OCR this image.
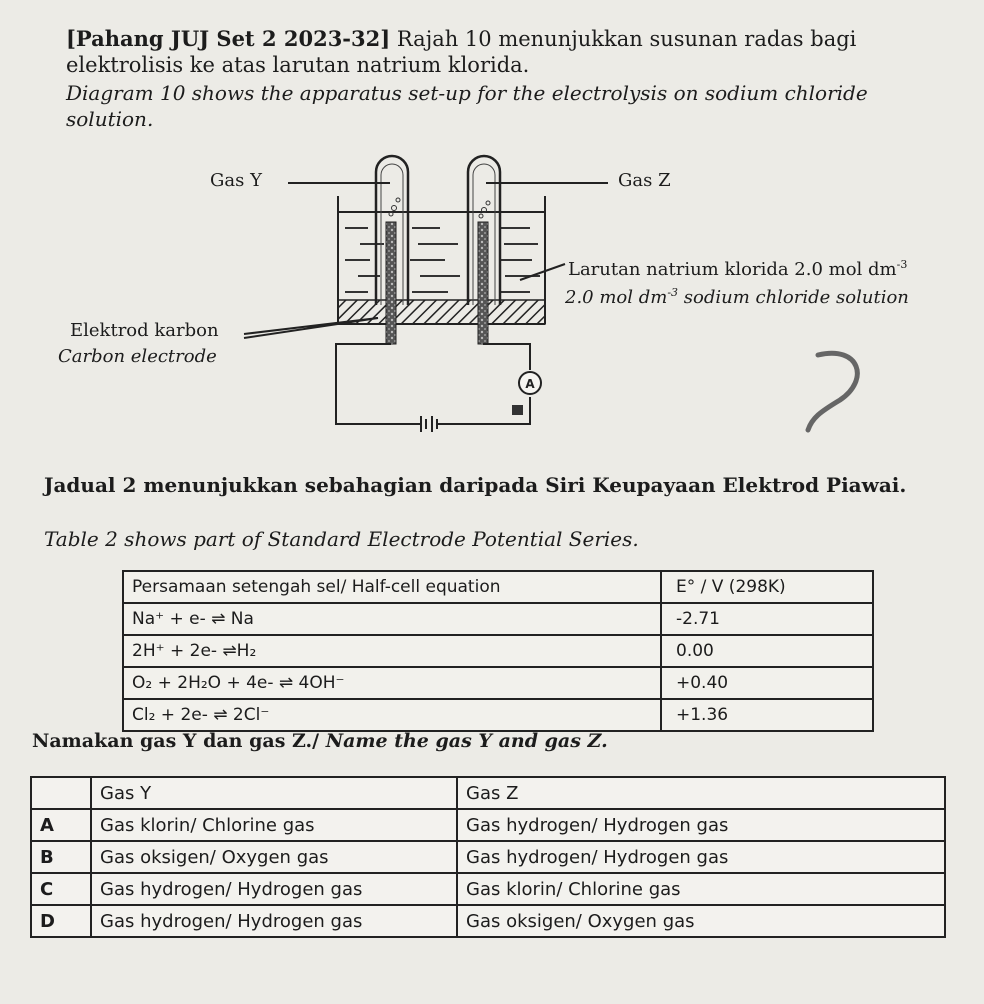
[Pahang JUJ Set 2 2023-32] Rajah 10 menunjukkan susunan radas bagi elektrolisis ke atas larutan natrium klorida.
Diagram 10 shows the apparatus set-up for the electrolysis on sodium chloride solution.
A
Gas Y	Gas Z
Larutan natrium klorida 2.0 mol $dm^{-3}$
2.0 mol $dm^{-3}$ sodium chloride solution
Elektrod karbon
Carbon electrode
Jadual 2 menunjukkan sebahagian daripada Siri Keupayaan Elektrod Piawai.
Table 2 shows part of Standard Electrode Potential Series.
Persamaan setengah sel/ Half-cell equation	E° / V (298K)
Na⁺ + e- ⇌ Na	-2.71
2H⁺ + 2e- ⇌H₂	0.00
O₂ + 2H₂O + 4e- ⇌ 4OH⁻	+0.40
Cl₂ + 2e- ⇌ 2Cl⁻	+1.36
Namakan gas Y dan gas Z./ Name the gas Y and gas Z.
	Gas Y	Gas Z
A	Gas klorin/ Chlorine gas	Gas hydrogen/ Hydrogen gas
B	Gas oksigen/ Oxygen gas	Gas hydrogen/ Hydrogen gas
C	Gas hydrogen/ Hydrogen gas	Gas klorin/ Chlorine gas
D	Gas hydrogen/ Hydrogen gas	Gas oksigen/ Oxygen gas
